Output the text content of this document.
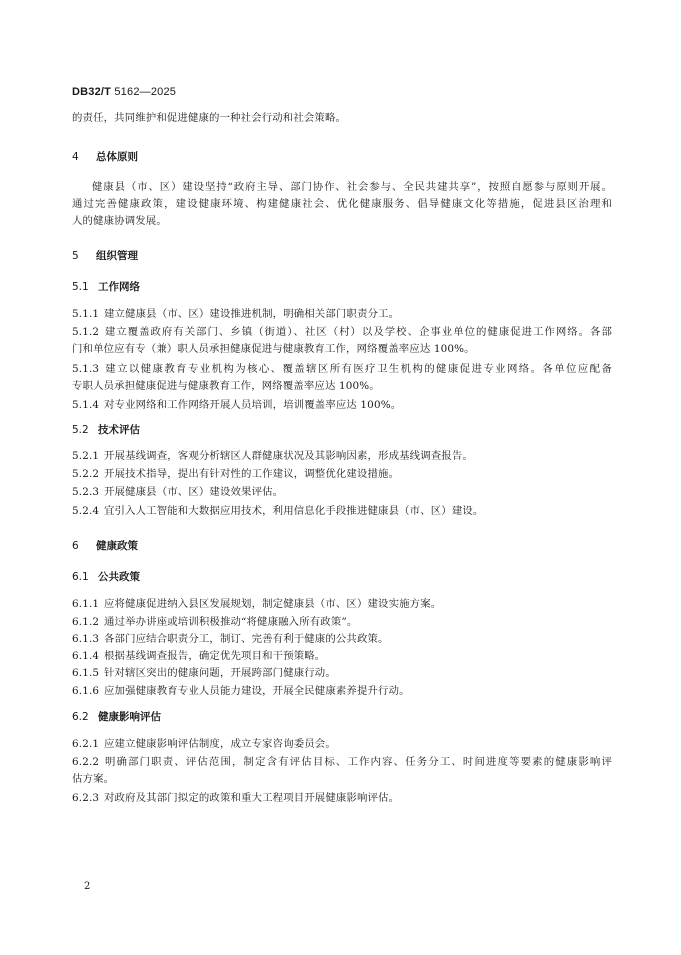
DB32/T 5162—2025
的责任，共同维护和促进健康的一种社会行动和社会策略。
4 总体原则
健康县（市、区）建设坚持“政府主导、部门协作、社会参与、全民共建共享”，按照自愿参与原则开展。
通过完善健康政策，建设健康环境、构建健康社会、优化健康服务、倡导健康文化等措施，促进县区治理和
人的健康协调发展。
5 组织管理
5.1 工作网络
5.1.1 建立健康县（市、区）建设推进机制，明确相关部门职责分工。
5.1.2 建立覆盖政府有关部门、乡镇（街道）、社区（村）以及学校、企事业单位的健康促进工作网络。各部
门和单位应有专（兼）职人员承担健康促进与健康教育工作，网络覆盖率应达 100%。
5.1.3 建立以健康教育专业机构为核心、覆盖辖区所有医疗卫生机构的健康促进专业网络。各单位应配备
专职人员承担健康促进与健康教育工作，网络覆盖率应达 100%。
5.1.4 对专业网络和工作网络开展人员培训，培训覆盖率应达 100%。
5.2 技术评估
5.2.1 开展基线调查，客观分析辖区人群健康状况及其影响因素，形成基线调查报告。
5.2.2 开展技术指导，提出有针对性的工作建议，调整优化建设措施。
5.2.3 开展健康县（市、区）建设效果评估。
5.2.4 宜引入人工智能和大数据应用技术，利用信息化手段推进健康县（市、区）建设。
6 健康政策
6.1 公共政策
6.1.1 应将健康促进纳入县区发展规划，制定健康县（市、区）建设实施方案。
6.1.2 通过举办讲座或培训积极推动“将健康融入所有政策”。
6.1.3 各部门应结合职责分工，制订、完善有利于健康的公共政策。
6.1.4 根据基线调查报告，确定优先项目和干预策略。
6.1.5 针对辖区突出的健康问题，开展跨部门健康行动。
6.1.6 应加强健康教育专业人员能力建设，开展全民健康素养提升行动。
6.2 健康影响评估
6.2.1 应建立健康影响评估制度，成立专家咨询委员会。
6.2.2 明确部门职责、评估范围，制定含有评估目标、工作内容、任务分工、时间进度等要素的健康影响评
估方案。
6.2.3 对政府及其部门拟定的政策和重大工程项目开展健康影响评估。
2
